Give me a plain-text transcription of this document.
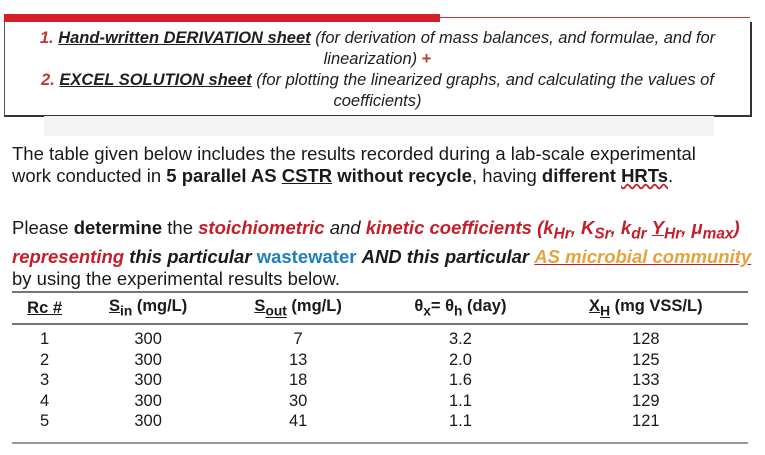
1. Hand-written DERIVATION sheet (for derivation of mass balances, and formulae, and for linearization) +
2. EXCEL SOLUTION sheet (for plotting the linearized graphs, and calculating the values of coefficients)
The table given below includes the results recorded during a lab-scale experimental work conducted in 5 parallel AS CSTR without recycle, having different HRTs.
Please determine the stoichiometric and kinetic coefficients ($k_{Hr}$, $K_{Sr}$, $k_{dr}$ $Y_{Hr}$, $\mu_{max}$) representing this particular wastewater AND this particular AS microbial community by using the experimental results below.
Rc #	$S_{in}$ (mg/L)	$S_{out}$ (mg/L)	$\theta_x= \theta_h$ (day)	$X_H$ (mg VSS/L)
1	300	7	3.2	128
2	300	13	2.0	125
3	300	18	1.6	133
4	300	30	1.1	129
5	300	41	1.1	121
